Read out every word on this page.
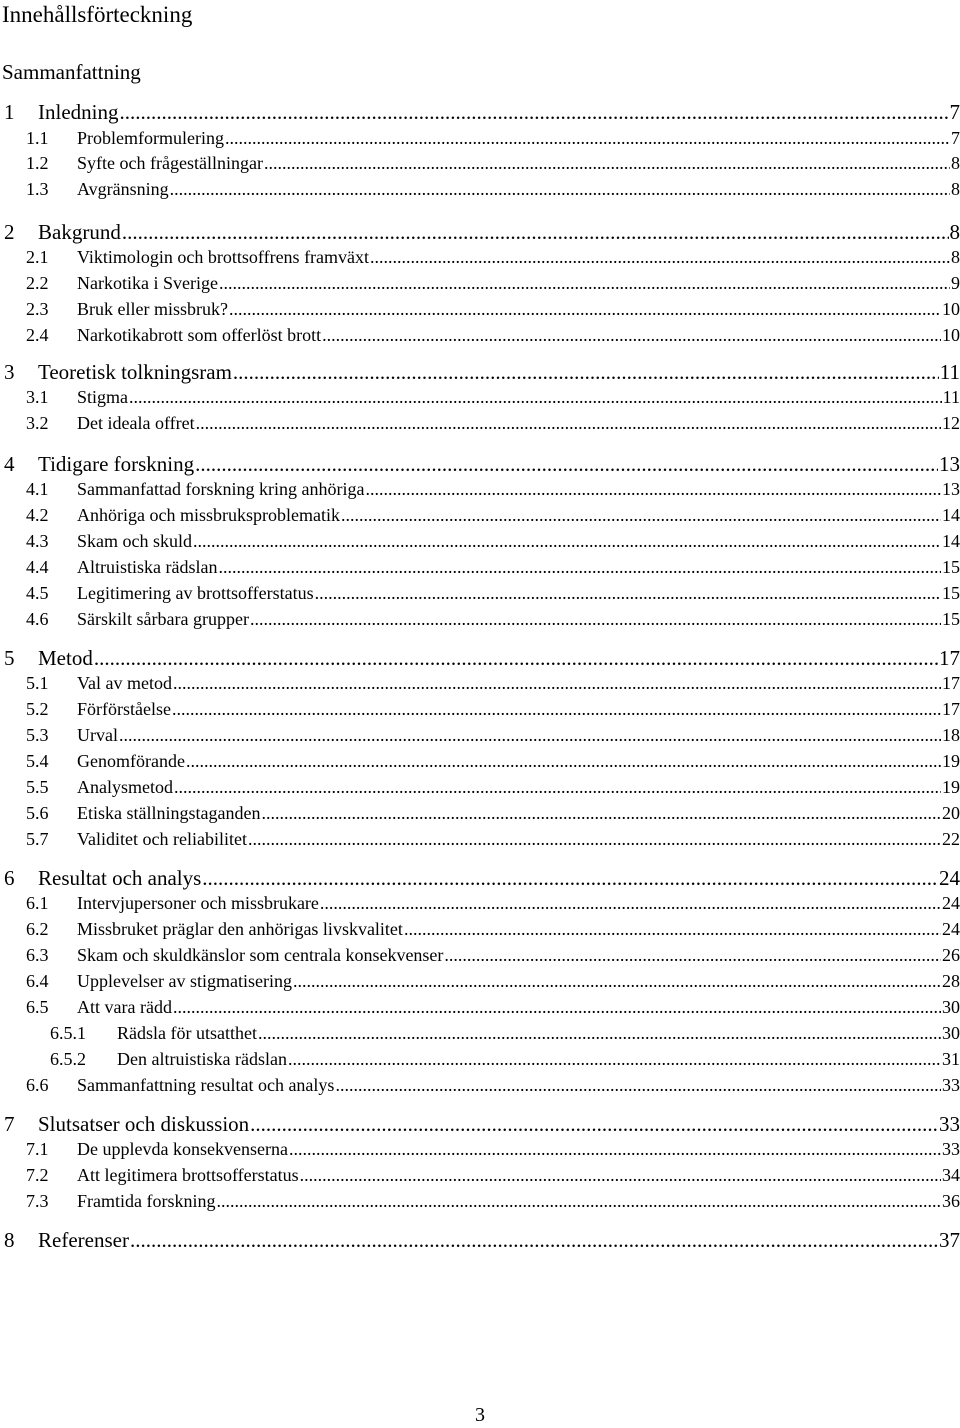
Innehållsförteckning
Sammanfattning
1	Inledning .....	7
1.1	Problemformulering .....	7
1.2	Syfte och frågeställningar .....	8
1.3	Avgränsning .....	8
2	Bakgrund .....	8
2.1	Viktimologin och brottsoffrens framväxt .....	8
2.2	Narkotika i Sverige .....	9
2.3	Bruk eller missbruk? .....	10
2.4	Narkotikabrott som offerlöst brott .....	10
3	Teoretisk tolkningsram .....	11
3.1	Stigma .....	11
3.2	Det ideala offret .....	12
4	Tidigare forskning .....	13
4.1	Sammanfattad forskning kring anhöriga .....	13
4.2	Anhöriga och missbruksproblematik .....	14
4.3	Skam och skuld .....	14
4.4	Altruistiska rädslan .....	15
4.5	Legitimering av brottsofferstatus .....	15
4.6	Särskilt sårbara grupper .....	15
5	Metod .....	17
5.1	Val av metod .....	17
5.2	Förförståelse .....	17
5.3	Urval .....	18
5.4	Genomförande .....	19
5.5	Analysmetod .....	19
5.6	Etiska ställningstaganden .....	20
5.7	Validitet och reliabilitet .....	22
6	Resultat och analys .....	24
6.1	Intervjupersoner och missbrukare .....	24
6.2	Missbruket präglar den anhörigas livskvalitet .....	24
6.3	Skam och skuldkänslor som centrala konsekvenser .....	26
6.4	Upplevelser av stigmatisering .....	28
6.5	Att vara rädd .....	30
6.5.1	Rädsla för utsatthet .....	30
6.5.2	Den altruistiska rädslan .....	31
6.6	Sammanfattning resultat och analys .....	33
7	Slutsatser och diskussion .....	33
7.1	De upplevda konsekvenserna .....	33
7.2	Att legitimera brottsofferstatus .....	34
7.3	Framtida forskning .....	36
8	Referenser .....	37
3
